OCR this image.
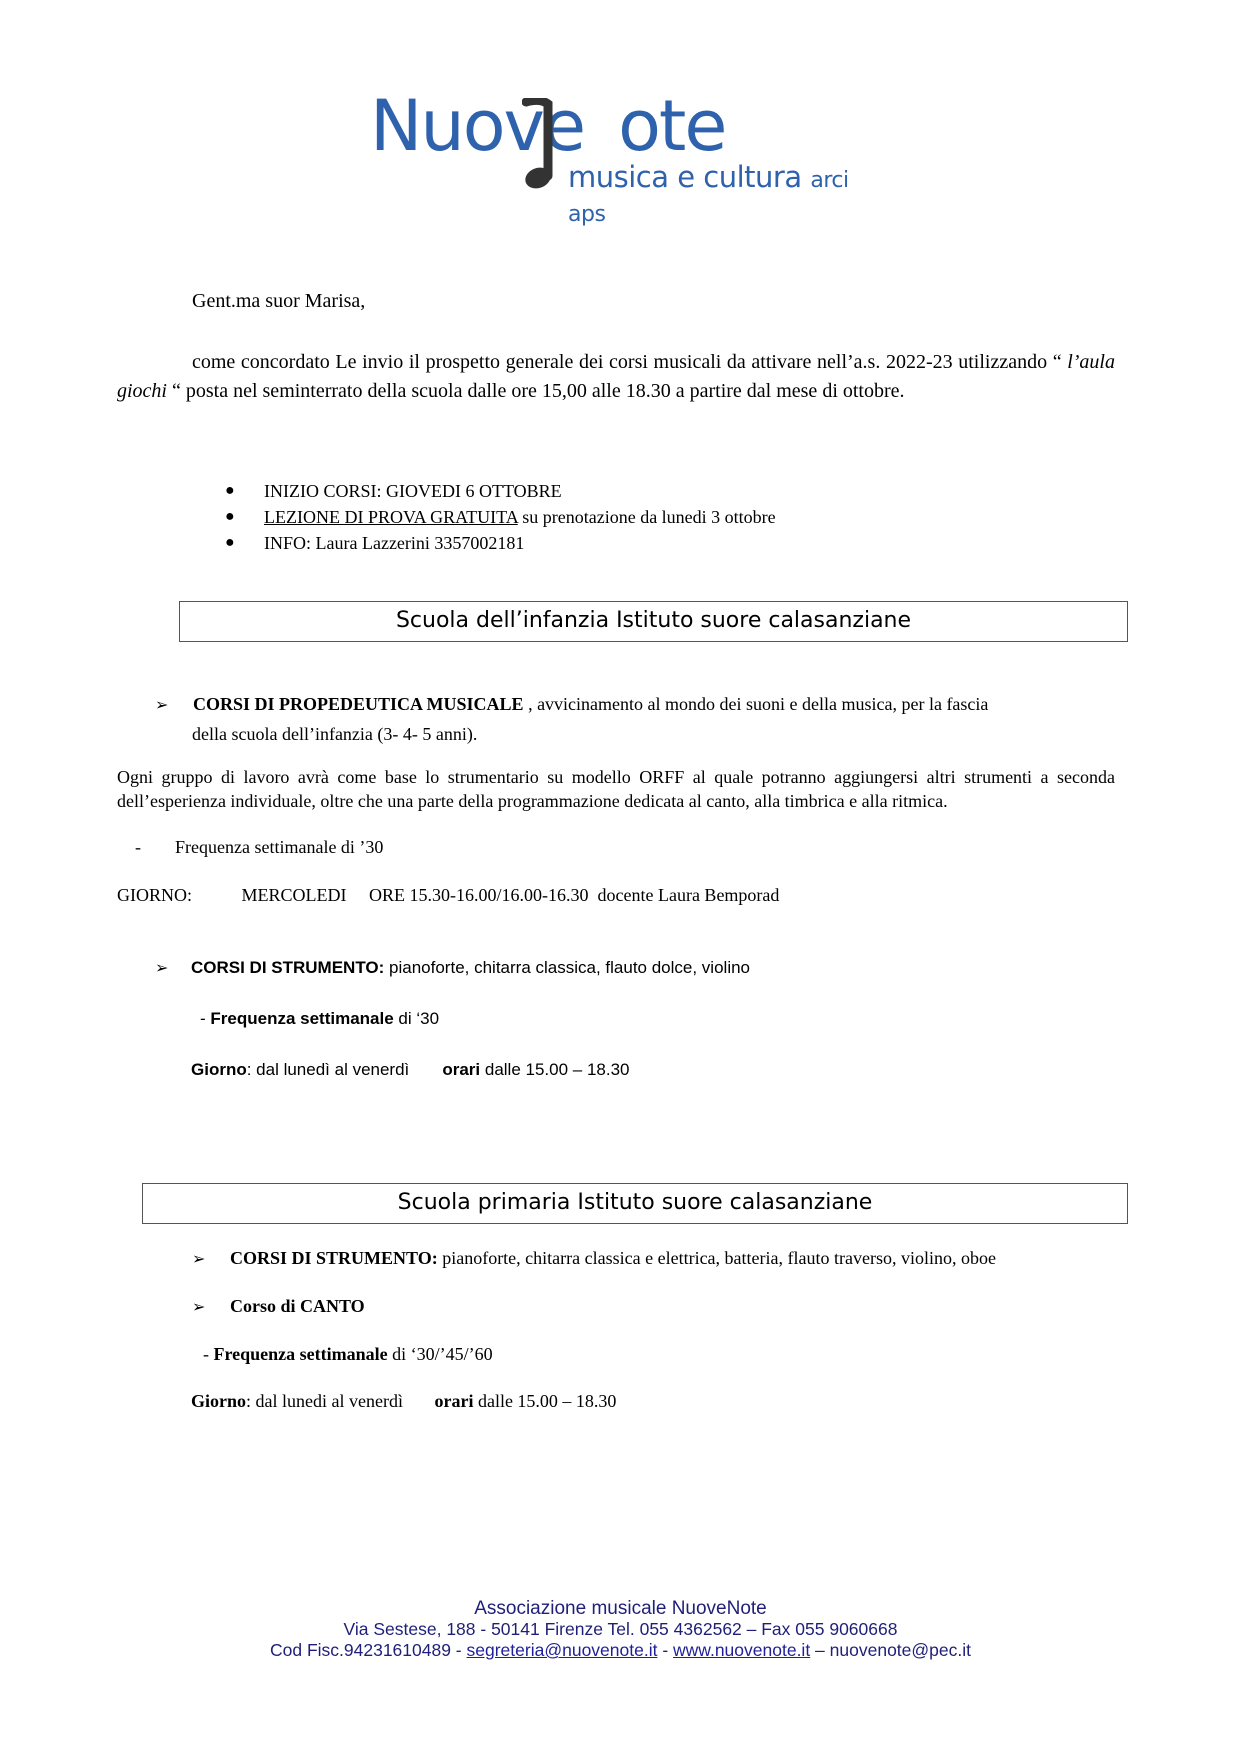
Nuove ote
musica e cultura arci aps
Gent.ma suor Marisa,
come concordato Le invio il prospetto generale dei corsi musicali da attivare nell’a.s. 2022-23 utilizzando “ l’aula giochi “ posta nel seminterrato della scuola dalle ore 15,00 alle 18.30 a partire dal mese di ottobre.
● INIZIO CORSI: GIOVEDI 6 OTTOBRE
● LEZIONE DI PROVA GRATUITA su prenotazione da lunedi 3 ottobre
● INFO: Laura Lazzerini 3357002181
Scuola dell’infanzia Istituto suore calasanziane
➢ CORSI DI PROPEDEUTICA MUSICALE , avvicinamento al mondo dei suoni e della musica, per la fascia
della scuola dell’infanzia (3- 4- 5 anni).
Ogni gruppo di lavoro avrà come base lo strumentario su modello ORFF al quale potranno aggiungersi altri strumenti a seconda dell’esperienza individuale, oltre che una parte della programmazione dedicata al canto, alla timbrica e alla ritmica.
- Frequenza settimanale di ’30
GIORNO:	MERCOLEDI ORE 15.30-16.00/16.00-16.30 docente Laura Bemporad
➢ CORSI DI STRUMENTO: pianoforte, chitarra classica, flauto dolce, violino
- Frequenza settimanale di ‘30
Giorno: dal lunedì al venerdì orari dalle 15.00 – 18.30
Scuola primaria Istituto suore calasanziane
➢ CORSI DI STRUMENTO: pianoforte, chitarra classica e elettrica, batteria, flauto traverso, violino, oboe
➢ Corso di CANTO
- Frequenza settimanale di ‘30/’45/’60
Giorno: dal lunedi al venerdì orari dalle 15.00 – 18.30
Associazione musicale NuoveNote
Via Sestese, 188 - 50141 Firenze Tel. 055 4362562 – Fax 055 9060668
Cod Fisc.94231610489 - segreteria@nuovenote.it - www.nuovenote.it – nuovenote@pec.it
